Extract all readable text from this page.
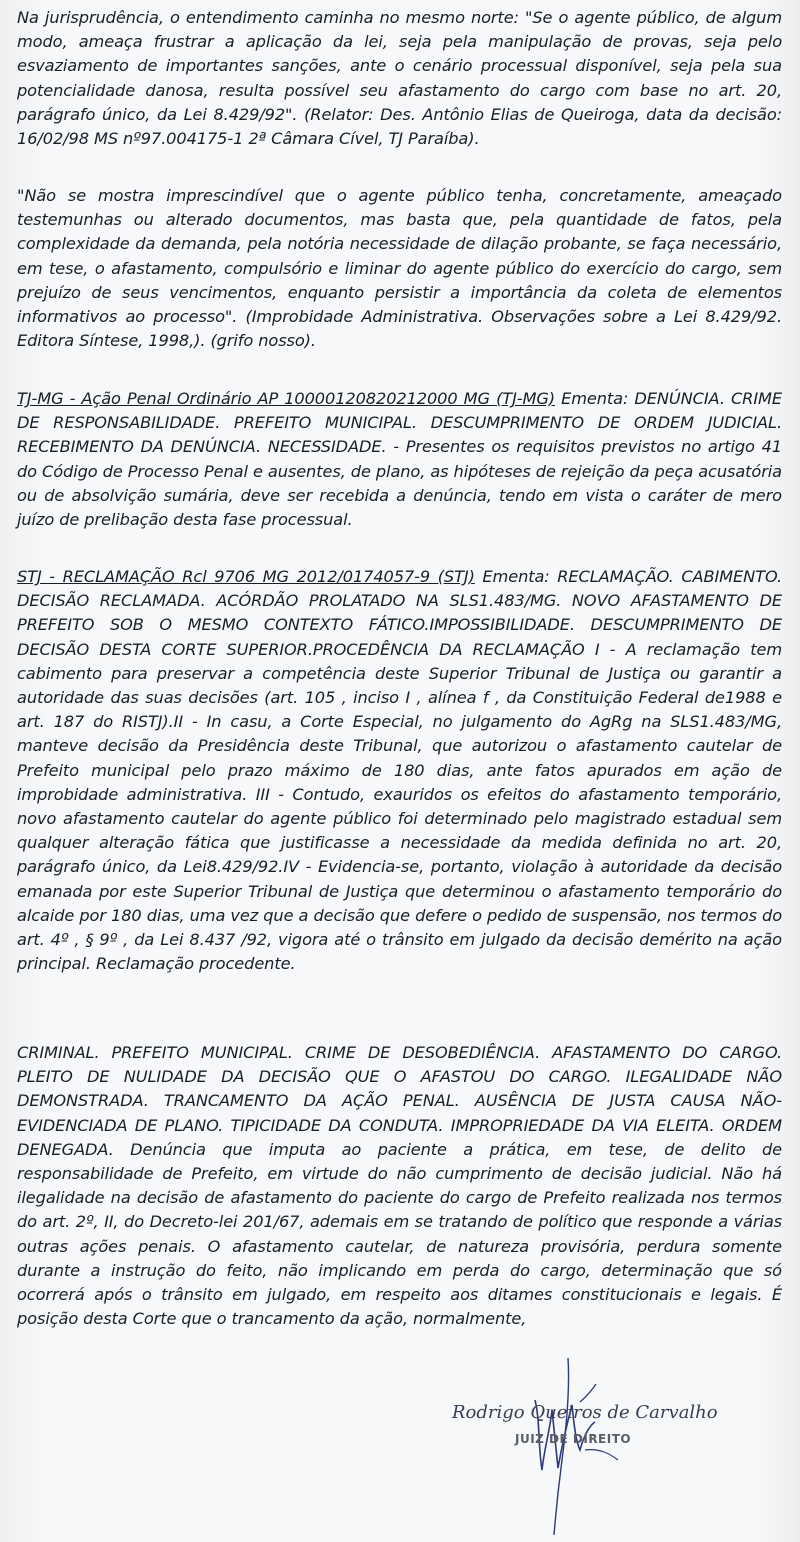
Na jurisprudência, o entendimento caminha no mesmo norte: "Se o agente público, de algum modo, ameaça frustrar a aplicação da lei, seja pela manipulação de provas, seja pelo esvaziamento de importantes sanções, ante o cenário processual disponível, seja pela sua potencialidade danosa, resulta possível seu afastamento do cargo com base no art. 20, parágrafo único, da Lei 8.429/92". (Relator: Des. Antônio Elias de Queiroga, data da decisão: 16/02/98 MS nº97.004175-1 2ª Câmara Cível, TJ Paraíba).

"Não se mostra imprescindível que o agente público tenha, concretamente, ameaçado testemunhas ou alterado documentos, mas basta que, pela quantidade de fatos, pela complexidade da demanda, pela notória necessidade de dilação probante, se faça necessário, em tese, o afastamento, compulsório e liminar do agente público do exercício do cargo, sem prejuízo de seus vencimentos, enquanto persistir a importância da coleta de elementos informativos ao processo". (Improbidade Administrativa. Observações sobre a Lei 8.429/92. Editora Síntese, 1998,). (grifo nosso).

TJ-MG - Ação Penal Ordinário AP 10000120820212000 MG (TJ-MG) Ementa: DENÚNCIA. CRIME DE RESPONSABILIDADE. PREFEITO MUNICIPAL. DESCUMPRIMENTO DE ORDEM JUDICIAL. RECEBIMENTO DA DENÚNCIA. NECESSIDADE. - Presentes os requisitos previstos no artigo 41 do Código de Processo Penal e ausentes, de plano, as hipóteses de rejeição da peça acusatória ou de absolvição sumária, deve ser recebida a denúncia, tendo em vista o caráter de mero juízo de prelibação desta fase processual.

STJ - RECLAMAÇÃO Rcl 9706 MG 2012/0174057-9 (STJ) Ementa: RECLAMAÇÃO. CABIMENTO. DECISÃO RECLAMADA. ACÓRDÃO PROLATADO NA SLS1.483/MG. NOVO AFASTAMENTO DE PREFEITO SOB O MESMO CONTEXTO FÁTICO.IMPOSSIBILIDADE. DESCUMPRIMENTO DE DECISÃO DESTA CORTE SUPERIOR.PROCEDÊNCIA DA RECLAMAÇÃO I - A reclamação tem cabimento para preservar a competência deste Superior Tribunal de Justiça ou garantir a autoridade das suas decisões (art. 105 , inciso I , alínea f , da Constituição Federal de1988 e art. 187 do RISTJ).II - In casu, a Corte Especial, no julgamento do AgRg na SLS1.483/MG, manteve decisão da Presidência deste Tribunal, que autorizou o afastamento cautelar de Prefeito municipal pelo prazo máximo de 180 dias, ante fatos apurados em ação de improbidade administrativa. III - Contudo, exauridos os efeitos do afastamento temporário, novo afastamento cautelar do agente público foi determinado pelo magistrado estadual sem qualquer alteração fática que justificasse a necessidade da medida definida no art. 20, parágrafo único, da Lei8.429/92.IV - Evidencia-se, portanto, violação à autoridade da decisão emanada por este Superior Tribunal de Justiça que determinou o afastamento temporário do alcaide por 180 dias, uma vez que a decisão que defere o pedido de suspensão, nos termos do art. 4º , § 9º , da Lei 8.437 /92, vigora até o trânsito em julgado da decisão demérito na ação principal. Reclamação procedente.

CRIMINAL. PREFEITO MUNICIPAL. CRIME DE DESOBEDIÊNCIA. AFASTAMENTO DO CARGO. PLEITO DE NULIDADE DA DECISÃO QUE O AFASTOU DO CARGO. ILEGALIDADE NÃO DEMONSTRADA. TRANCAMENTO DA AÇÃO PENAL. AUSÊNCIA DE JUSTA CAUSA NÃO-EVIDENCIADA DE PLANO. TIPICIDADE DA CONDUTA. IMPROPRIEDADE DA VIA ELEITA. ORDEM DENEGADA. Denúncia que imputa ao paciente a prática, em tese, de delito de responsabilidade de Prefeito, em virtude do não cumprimento de decisão judicial. Não há ilegalidade na decisão de afastamento do paciente do cargo de Prefeito realizada nos termos do art. 2º, II, do Decreto-lei 201/67, ademais em se tratando de político que responde a várias outras ações penais. O afastamento cautelar, de natureza provisória, perdura somente durante a instrução do feito, não implicando em perda do cargo, determinação que só ocorrerá após o trânsito em julgado, em respeito aos ditames constitucionais e legais. É posição desta Corte que o trancamento da ação, normalmente,

Rodrigo Queiros de Carvalho
JUIZ DE DIREITO
